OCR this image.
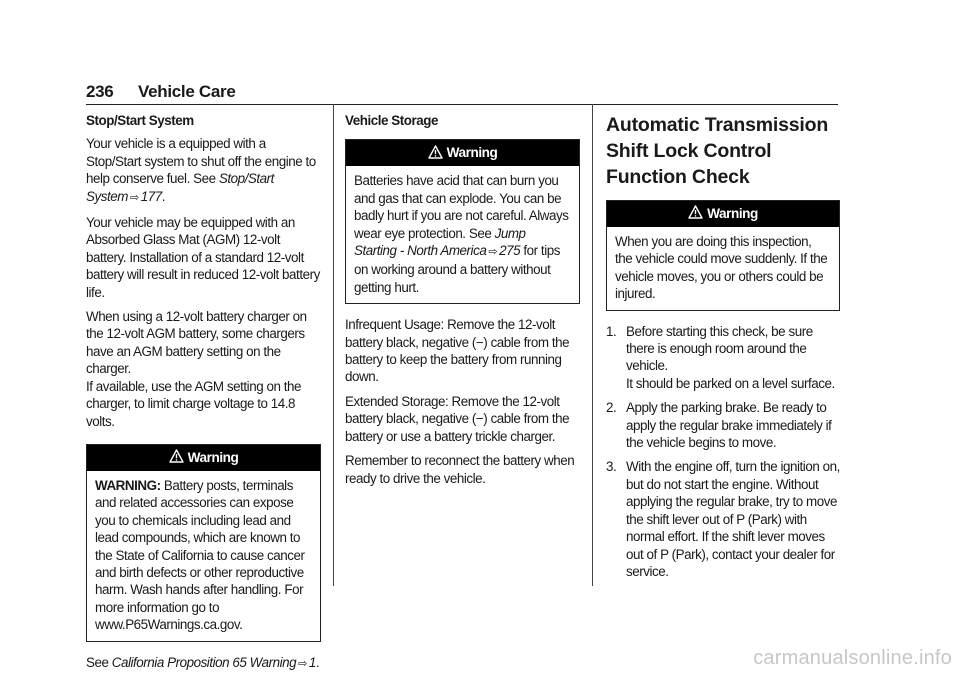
236 Vehicle Care

Stop/Start System

Your vehicle is a equipped with a Stop/Start system to shut off the engine to help conserve fuel. See Stop/Start System ⇨ 177.

Your vehicle may be equipped with an Absorbed Glass Mat (AGM) 12-volt battery. Installation of a standard 12-volt battery will result in reduced 12-volt battery life.

When using a 12-volt battery charger on the 12-volt AGM battery, some chargers have an AGM battery setting on the charger.

If available, use the AGM setting on the charger, to limit charge voltage to 14.8 volts.

Warning
WARNING: Battery posts, terminals and related accessories can expose you to chemicals including lead and lead compounds, which are known to the State of California to cause cancer and birth defects or other reproductive harm. Wash hands after handling. For more information go to www.P65Warnings.ca.gov.

See California Proposition 65 Warning ⇨ 1.

Vehicle Storage

Warning
Batteries have acid that can burn you and gas that can explode. You can be badly hurt if you are not careful. Always wear eye protection. See Jump Starting - North America ⇨ 275 for tips on working around a battery without getting hurt.

Infrequent Usage: Remove the 12-volt battery black, negative (−) cable from the battery to keep the battery from running down.

Extended Storage: Remove the 12-volt battery black, negative (−) cable from the battery or use a battery trickle charger.

Remember to reconnect the battery when ready to drive the vehicle.

Automatic Transmission Shift Lock Control Function Check
Warning
When you are doing this inspection, the vehicle could move suddenly. If the vehicle moves, you or others could be injured.
1. Before starting this check, be sure there is enough room around the vehicle.
It should be parked on a level surface.
2. Apply the parking brake. Be ready to apply the regular brake immediately if the vehicle begins to move.
3. With the engine off, turn the ignition on, but do not start the engine. Without applying the regular brake, try to move the shift lever out of P (Park) with normal effort. If the shift lever moves out of P (Park), contact your dealer for service.
carmanualsonline.info
